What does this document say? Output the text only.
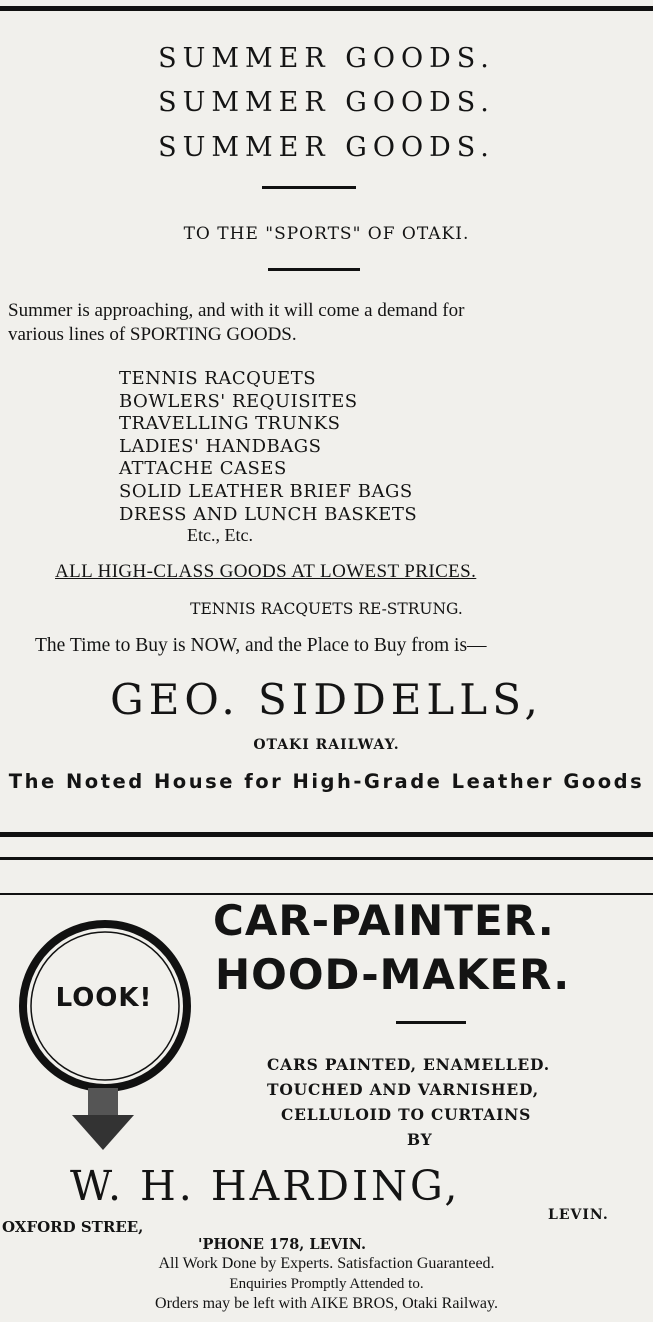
SUMMER GOODS.
SUMMER GOODS.
SUMMER GOODS.
TO THE "SPORTS" OF OTAKI.
Summer is approaching, and with it will come a demand for
various lines of SPORTING GOODS.
TENNIS RACQUETS
BOWLERS' REQUISITES
TRAVELLING TRUNKS
LADIES' HANDBAGS
ATTACHE CASES
SOLID LEATHER BRIEF BAGS
DRESS AND LUNCH BASKETS
Etc., Etc.
ALL HIGH-CLASS GOODS AT LOWEST PRICES.
TENNIS RACQUETS RE-STRUNG.
The Time to Buy is NOW, and the Place to Buy from is—
GEO. SIDDELLS,
OTAKI RAILWAY.
The Noted House for High-Grade Leather Goods
CAR-PAINTER.
HOOD-MAKER.
LOOK!
CARS PAINTED, ENAMELLED.
TOUCHED AND VARNISHED,
CELLULOID TO CURTAINS
BY
W. H. HARDING,
OXFORD STREE,
LEVIN.
'PHONE 178, LEVIN.
All Work Done by Experts. Satisfaction Guaranteed.
Enquiries Promptly Attended to.
Orders may be left with AIKE BROS, Otaki Railway.
